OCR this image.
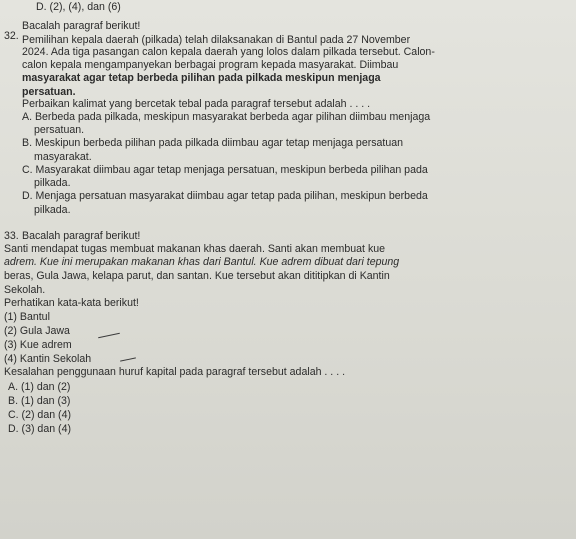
D. (2), (4), dan (6)
32.
Bacalah paragraf berikut!
Pemilihan kepala daerah (pilkada) telah dilaksanakan di Bantul pada 27 November
2024. Ada tiga pasangan calon kepala daerah yang lolos dalam pilkada tersebut. Calon-
calon kepala mengampanyekan berbagai program kepada masyarakat. Diimbau
masyarakat agar tetap berbeda pilihan pada pilkada meskipun menjaga
persatuan.
Perbaikan kalimat yang bercetak tebal pada paragraf tersebut adalah . . . .
A. Berbeda pada pilkada, meskipun masyarakat berbeda agar pilihan diimbau menjaga
persatuan.
B. Meskipun berbeda pilihan pada pilkada diimbau agar tetap menjaga persatuan
masyarakat.
C. Masyarakat diimbau agar tetap menjaga persatuan, meskipun berbeda pilihan pada
pilkada.
D. Menjaga persatuan masyarakat diimbau agar tetap pada pilihan, meskipun berbeda
pilkada.
33. Bacalah paragraf berikut!
Santi mendapat tugas membuat makanan khas daerah. Santi akan membuat kue
adrem. Kue ini merupakan makanan khas dari Bantul. Kue adrem dibuat dari tepung
beras, Gula Jawa, kelapa parut, dan santan. Kue tersebut akan dititipkan di Kantin
Sekolah.
Perhatikan kata-kata berikut!
(1) Bantul
(2) Gula Jawa
(3) Kue adrem
(4) Kantin Sekolah
Kesalahan penggunaan huruf kapital pada paragraf tersebut adalah . . . .
A. (1) dan (2)
B. (1) dan (3)
C. (2) dan (4)
D. (3) dan (4)
